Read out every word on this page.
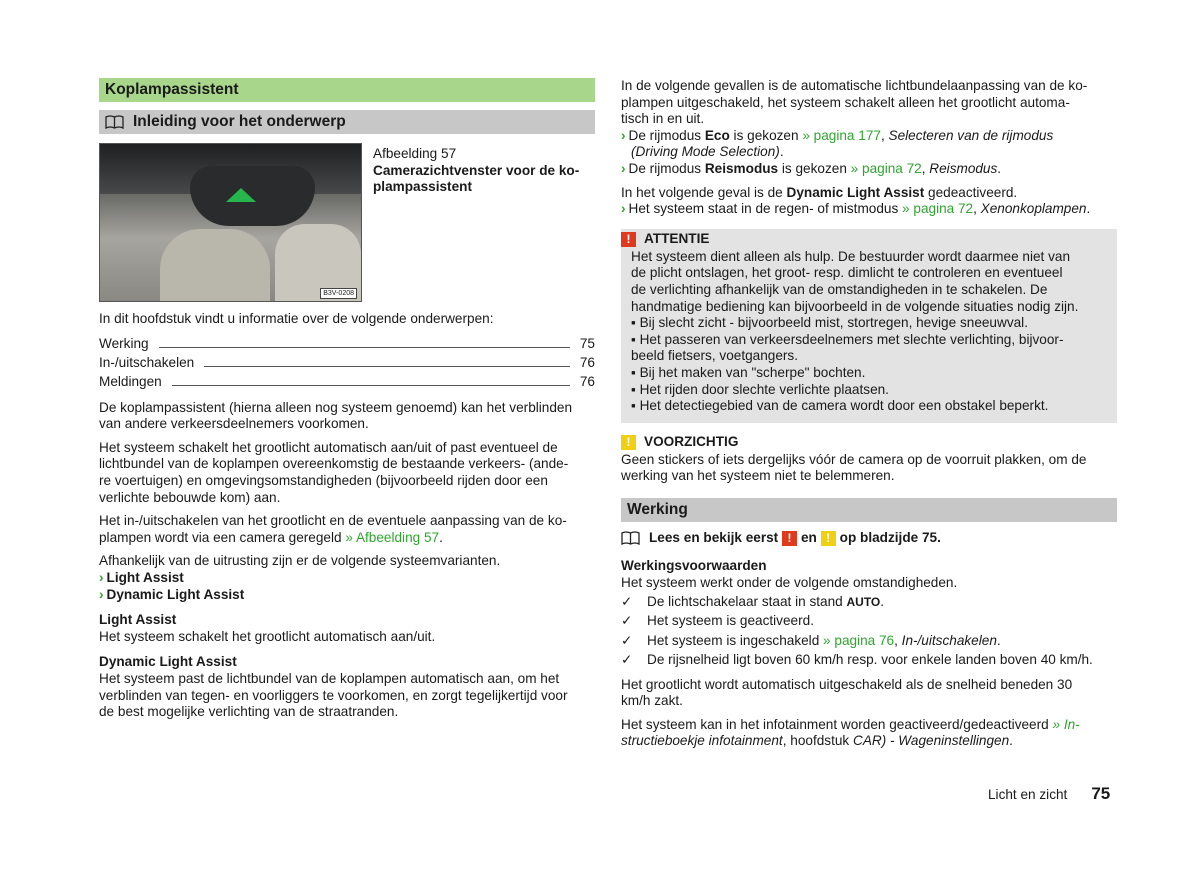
Koplampassistent
Inleiding voor het onderwerp
B3V-0208
Afbeelding 57
Camerazichtvenster voor de ko-
plampassistent

In dit hoofdstuk vindt u informatie over de volgende onderwerpen:

Werking	75
In-/uitschakelen	76
Meldingen	76
De koplampassistent (hierna alleen nog systeem genoemd) kan het verblinden
van andere verkeersdeelnemers voorkomen.
Het systeem schakelt het grootlicht automatisch aan/uit of past eventueel de
lichtbundel van de koplampen overeenkomstig de bestaande verkeers- (ande-
re voertuigen) en omgevingsomstandigheden (bijvoorbeeld rijden door een
verlichte bebouwde kom) aan.
Het in-/uitschakelen van het grootlicht en de eventuele aanpassing van de ko-
plampen wordt via een camera geregeld » Afbeelding 57.
Afhankelijk van de uitrusting zijn er de volgende systeemvarianten.
› Light Assist
› Dynamic Light Assist
Light Assist
Het systeem schakelt het grootlicht automatisch aan/uit.
Dynamic Light Assist
Het systeem past de lichtbundel van de koplampen automatisch aan, om het
verblinden van tegen- en voorliggers te voorkomen, en zorgt tegelijkertijd voor
de best mogelijke verlichting van de straatranden.
In de volgende gevallen is de automatische lichtbundelaanpassing van de ko-
plampen uitgeschakeld, het systeem schakelt alleen het grootlicht automa-
tisch in en uit.
› De rijmodus Eco is gekozen » pagina 177, Selecteren van de rijmodus
(Driving Mode Selection).
› De rijmodus Reismodus is gekozen » pagina 72, Reismodus.
In het volgende geval is de Dynamic Light Assist gedeactiveerd.
› Het systeem staat in de regen- of mistmodus » pagina 72, Xenonkoplampen.
! ATTENTIE
Het systeem dient alleen als hulp. De bestuurder wordt daarmee niet van
de plicht ontslagen, het groot- resp. dimlicht te controleren en eventueel
de verlichting afhankelijk van de omstandigheden in te schakelen. De
handmatige bediening kan bijvoorbeeld in de volgende situaties nodig zijn.
▪ Bij slecht zicht - bijvoorbeeld mist, stortregen, hevige sneeuwval.
▪ Het passeren van verkeersdeelnemers met slechte verlichting, bijvoor-
beeld fietsers, voetgangers.
▪ Bij het maken van "scherpe" bochten.
▪ Het rijden door slechte verlichte plaatsen.
▪ Het detectiegebied van de camera wordt door een obstakel beperkt.
! VOORZICHTIG
Geen stickers of iets dergelijks vóór de camera op de voorruit plakken, om de
werking van het systeem niet te belemmeren.
Werking
Lees en bekijk eerst
! en
! op bladzijde 75.
Werkingsvoorwaarden
Het systeem werkt onder de volgende omstandigheden.
✓	De lichtschakelaar staat in stand AUTO.
✓	Het systeem is geactiveerd.
✓	Het systeem is ingeschakeld » pagina 76, In-/uitschakelen.
✓	De rijsnelheid ligt boven 60 km/h resp. voor enkele landen boven 40 km/h.
Het grootlicht wordt automatisch uitgeschakeld als de snelheid beneden 30
km/h zakt.
Het systeem kan in het infotainment worden geactiveerd/gedeactiveerd » In-
structieboekje infotainment, hoofdstuk CAR) - Wageninstellingen.
Licht en zicht 75
